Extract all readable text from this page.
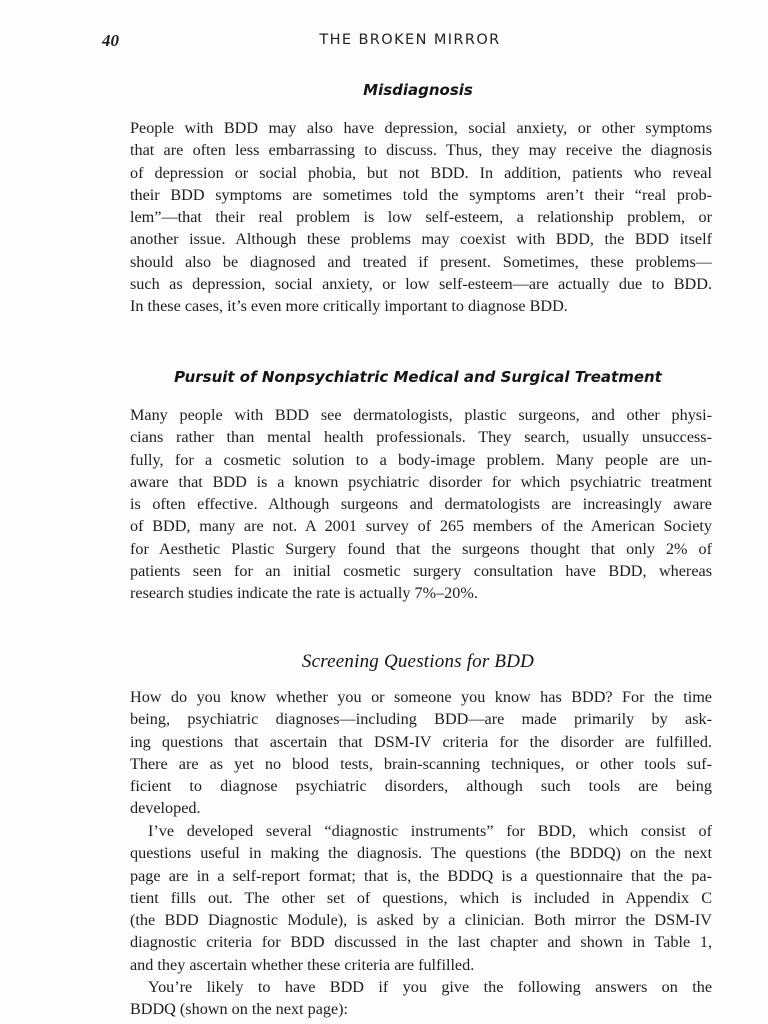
40	THE BROKEN MIRROR
Misdiagnosis
People with BDD may also have depression, social anxiety, or other symptoms
that are often less embarrassing to discuss. Thus, they may receive the diagnosis
of depression or social phobia, but not BDD. In addition, patients who reveal
their BDD symptoms are sometimes told the symptoms aren’t their “real prob-
lem”—that their real problem is low self-esteem, a relationship problem, or
another issue. Although these problems may coexist with BDD, the BDD itself
should also be diagnosed and treated if present. Sometimes, these problems—
such as depression, social anxiety, or low self-esteem—are actually due to BDD.
In these cases, it’s even more critically important to diagnose BDD.
Pursuit of Nonpsychiatric Medical and Surgical Treatment
Many people with BDD see dermatologists, plastic surgeons, and other physi-
cians rather than mental health professionals. They search, usually unsuccess-
fully, for a cosmetic solution to a body-image problem. Many people are un-
aware that BDD is a known psychiatric disorder for which psychiatric treatment
is often effective. Although surgeons and dermatologists are increasingly aware
of BDD, many are not. A 2001 survey of 265 members of the American Society
for Aesthetic Plastic Surgery found that the surgeons thought that only 2% of
patients seen for an initial cosmetic surgery consultation have BDD, whereas
research studies indicate the rate is actually 7%–20%.
Screening Questions for BDD
How do you know whether you or someone you know has BDD? For the time
being, psychiatric diagnoses—including BDD—are made primarily by ask-
ing questions that ascertain that DSM-IV criteria for the disorder are fulfilled.
There are as yet no blood tests, brain-scanning techniques, or other tools suf-
ficient to diagnose psychiatric disorders, although such tools are being
developed.
I’ve developed several “diagnostic instruments” for BDD, which consist of
questions useful in making the diagnosis. The questions (the BDDQ) on the next
page are in a self-report format; that is, the BDDQ is a questionnaire that the pa-
tient fills out. The other set of questions, which is included in Appendix C
(the BDD Diagnostic Module), is asked by a clinician. Both mirror the DSM-IV
diagnostic criteria for BDD discussed in the last chapter and shown in Table 1,
and they ascertain whether these criteria are fulfilled.
You’re likely to have BDD if you give the following answers on the
BDDQ (shown on the next page):
